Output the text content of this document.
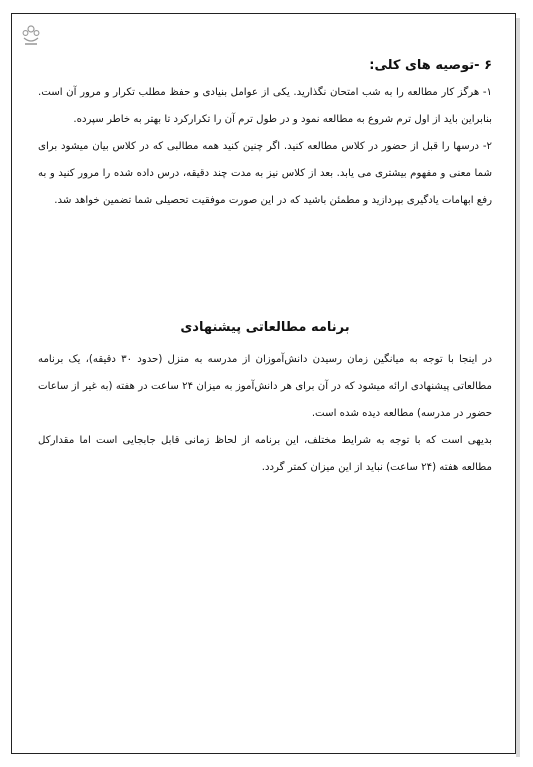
۶ -توصیه های کلی:

۱- هرگز کار مطالعه را به شب امتحان نگذارید. یکی از عوامل بنیادی و حفظ مطلب تکرار و مرور آن است. بنابراین باید از اول ترم شروع به مطالعه نمود و در طول ترم آن را تکرارکرد تا بهتر به خاطر سپرده.

۲- درسها را قبل از حضور در کلاس مطالعه کنید. اگر چنین کنید همه مطالبی که در کلاس بیان میشود برای شما معنی و مفهوم بیشتری می یابد. بعد از کلاس نیز به مدت چند دقیقه، درس داده شده را مرور کنید و به رفع ابهامات یادگیری بپردازید و مطمئن باشید که در این صورت موفقیت تحصیلی شما تضمین خواهد شد.

برنامه مطالعاتی پیشنهادی

در اینجا با توجه به میانگین زمان رسیدن دانش‌آموزان از مدرسه به منزل (حدود ۳۰ دقیقه)، یک برنامه مطالعاتی پیشنهادی ارائه میشود که در آن برای هر دانش‌آموز به میزان ۲۴ ساعت در هفته (به غیر از ساعات حضور در مدرسه) مطالعه دیده شده است.

بدیهی است که با توجه به شرایط مختلف، این برنامه از لحاظ زمانی قابل جابجایی است اما مقدارکل مطالعه هفته (۲۴ ساعت) نباید از این میزان کمتر گردد.
